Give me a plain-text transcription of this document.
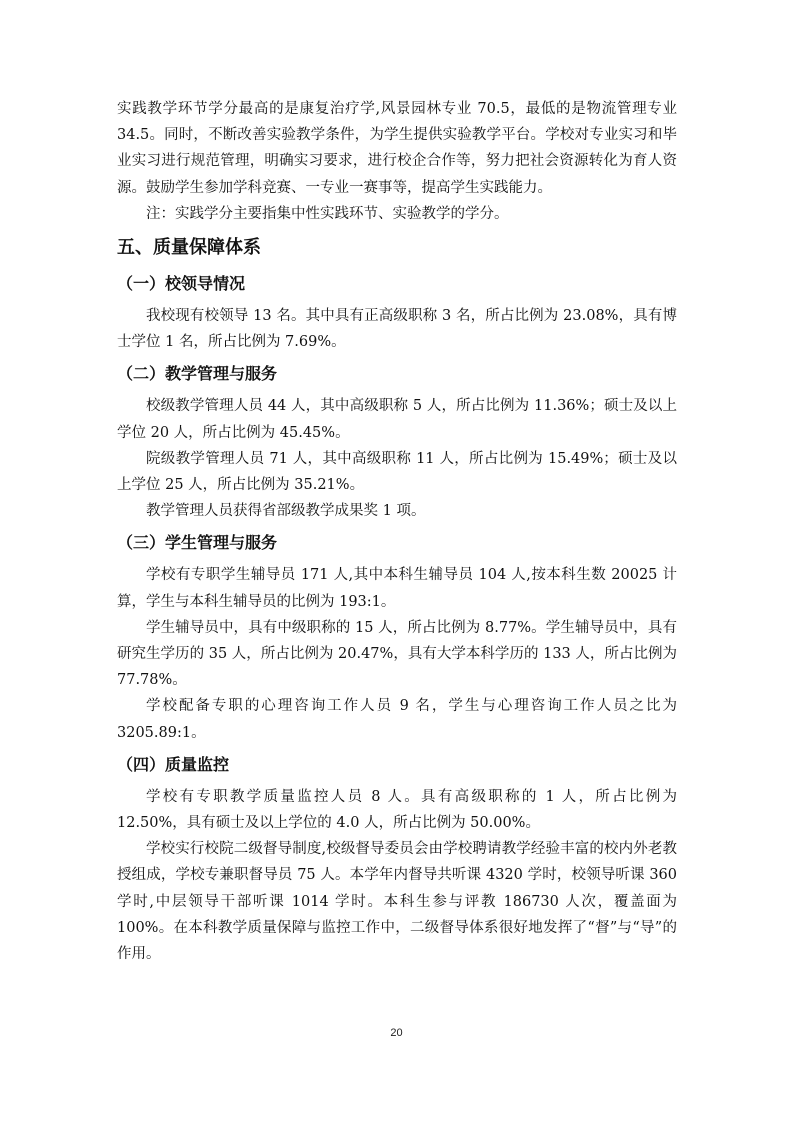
实践教学环节学分最高的是康复治疗学,风景园林专业 70.5，最低的是物流管理专业 34.5。同时，不断改善实验教学条件，为学生提供实验教学平台。学校对专业实习和毕业实习进行规范管理，明确实习要求，进行校企合作等，努力把社会资源转化为育人资源。鼓励学生参加学科竞赛、一专业一赛事等，提高学生实践能力。

注：实践学分主要指集中性实践环节、实验教学的学分。

五、质量保障体系
（一）校领导情况

我校现有校领导 13 名。其中具有正高级职称 3 名，所占比例为 23.08%，具有博士学位 1 名，所占比例为 7.69%。

（二）教学管理与服务

校级教学管理人员 44 人，其中高级职称 5 人，所占比例为 11.36%；硕士及以上学位 20 人，所占比例为 45.45%。

院级教学管理人员 71 人，其中高级职称 11 人，所占比例为 15.49%；硕士及以上学位 25 人，所占比例为 35.21%。

教学管理人员获得省部级教学成果奖 1 项。

（三）学生管理与服务

学校有专职学生辅导员 171 人,其中本科生辅导员 104 人,按本科生数 20025 计算，学生与本科生辅导员的比例为 193:1。

学生辅导员中，具有中级职称的 15 人，所占比例为 8.77%。学生辅导员中，具有研究生学历的 35 人，所占比例为 20.47%，具有大学本科学历的 133 人，所占比例为 77.78%。

学校配备专职的心理咨询工作人员 9 名，学生与心理咨询工作人员之比为 3205.89:1。

（四）质量监控

学校有专职教学质量监控人员 8 人。具有高级职称的 1 人，所占比例为 12.50%，具有硕士及以上学位的 4.0 人，所占比例为 50.00%。

学校实行校院二级督导制度,校级督导委员会由学校聘请教学经验丰富的校内外老教授组成，学校专兼职督导员 75 人。本学年内督导共听课 4320 学时，校领导听课 360 学时,中层领导干部听课 1014 学时。本科生参与评教 186730 人次，覆盖面为 100%。在本科教学质量保障与监控工作中，二级督导体系很好地发挥了“督”与“导”的作用。

20
